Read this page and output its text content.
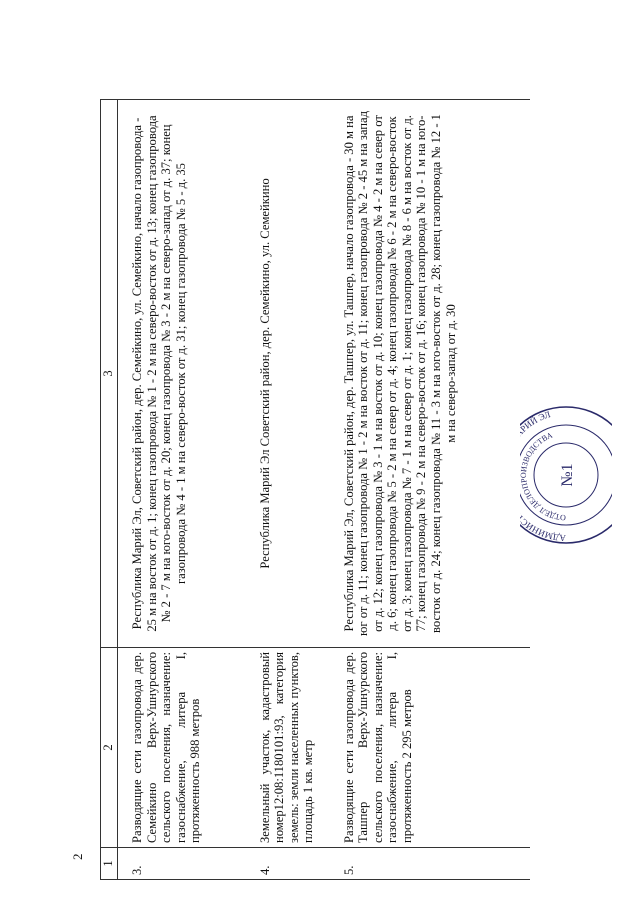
2
1	2	3
3.	Разводящие сети газопровода дер. Семейкино Верх-Ушнурского сельского поселения, назначение: газоснабжение, литера I, протяженность 988 метров	Республика Марий Эл, Советский район, дер. Семейкино, ул. Семейкино, начало газопровода - 25 м на восток от д. 1; конец газопровода № 1 - 2 м на северо-восток от д. 13; конец газопровода № 2 - 7 м на юго-восток от д. 20; конец газопровода № 3 - 2 м на северо-запад от д. 37; конец газопровода № 4 - 1 м на северо-восток от д. 31; конец газопровода № 5 - д. 35
4.	Земельный участок, кадастровый номер12:08:1180101:93, категория земель: земли населенных пунктов, площадь 1 кв. метр	Республика Марий Эл Советский район, дер. Семейкино, ул. Семейкино
5.	Разводящие сети газопровода дер. Ташпер Верх-Ушнурского сельского поселения, назначение: газоснабжение, литера I, протяженность 2 295 метров	Республика Марий Эл, Советский район, дер. Ташпер, ул. Ташпер, начало газопровода - 30 м на юг от д. 11; конец газопровода № 1 - 2 м на восток от д. 11; конец газопровода № 2 - 45 м на запад от д. 12; конец газопровода № 3 - 1 м на восток от д. 10; конец газопровода № 4 - 2 м на север от д. 6; конец газопровода № 5 - 2 м на север от д. 4; конец газопровода № 6 - 2 м на северо-восток от д. 3; конец газопровода № 7 - 1 м на север от д. 1; конец газопровода № 8 - 6 м на восток от д. 77; конец газопровода № 9 - 2 м на северо-восток от д. 16; конец газопровода № 10 - 1 м на юго-восток от д. 24; конец газопровода № 11 - 3 м на юго-восток от д. 28; конец газопровода № 12 - 1 м на северо-запад от д. 30
АДМИНИ ИЙ ЭЛ
ОТДЕЛ ДЕЛОПР ИЗВОДСТВА
№1
